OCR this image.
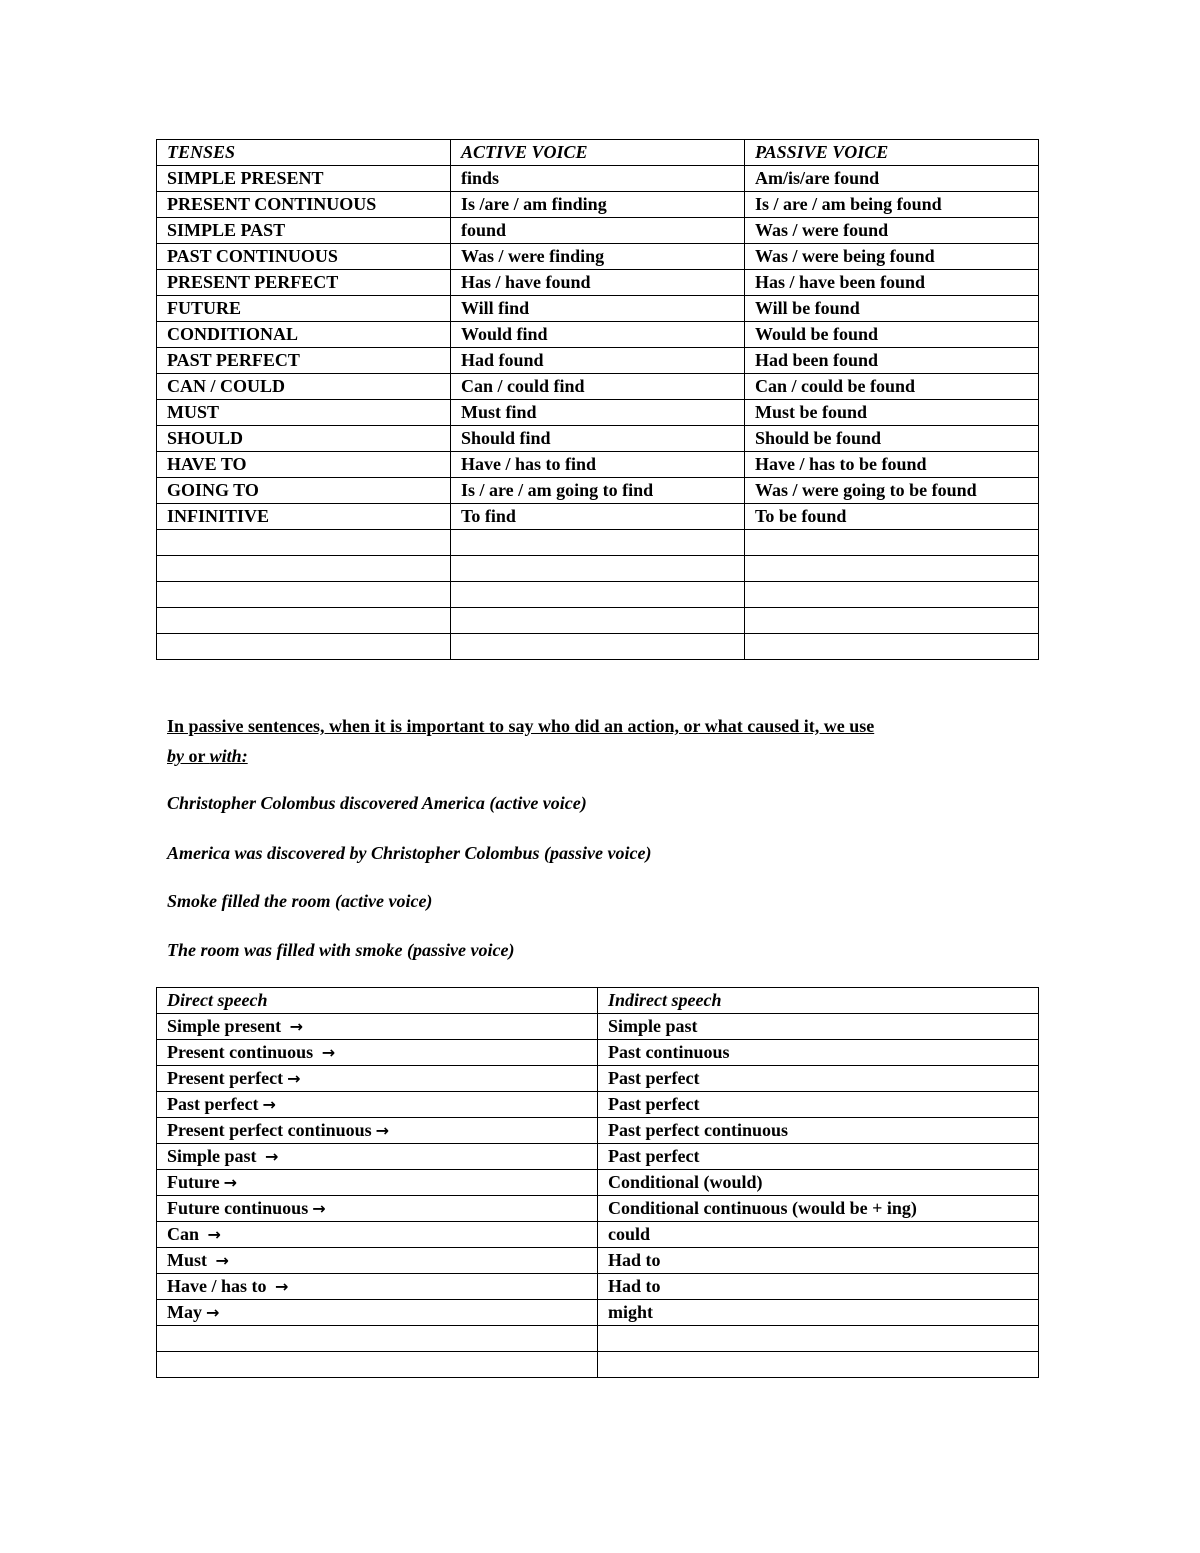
TENSES	ACTIVE VOICE	PASSIVE VOICE
SIMPLE PRESENT	finds	Am/is/are found
PRESENT CONTINUOUS	Is /are / am finding	Is / are / am being found
SIMPLE PAST	found	Was / were found
PAST CONTINUOUS	Was / were finding	Was / were being found
PRESENT PERFECT	Has / have found	Has / have been found
FUTURE	Will find	Will be found
CONDITIONAL	Would find	Would be found
PAST PERFECT	Had found	Had been found
CAN / COULD	Can / could find	Can / could be found
MUST	Must find	Must be found
SHOULD	Should find	Should be found
HAVE TO	Have / has to find	Have / has to be found
GOING TO	Is / are / am going to find	Was / were going to be found
INFINITIVE	To find	To be found

In passive sentences, when it is important to say who did an action, or what caused it, we use
by or with:
Christopher Colombus discovered America (active voice)
America was discovered by Christopher Colombus (passive voice)
Smoke filled the room (active voice)
The room was filled with smoke (passive voice)
Direct speech	Indirect speech
Simple present →	Simple past
Present continuous →	Past continuous
Present perfect →	Past perfect
Past perfect →	Past perfect
Present perfect continuous →	Past perfect continuous
Simple past →	Past perfect
Future →	Conditional (would)
Future continuous →	Conditional continuous (would be + ing)
Can →	could
Must →	Had to
Have / has to →	Had to
May →	might
